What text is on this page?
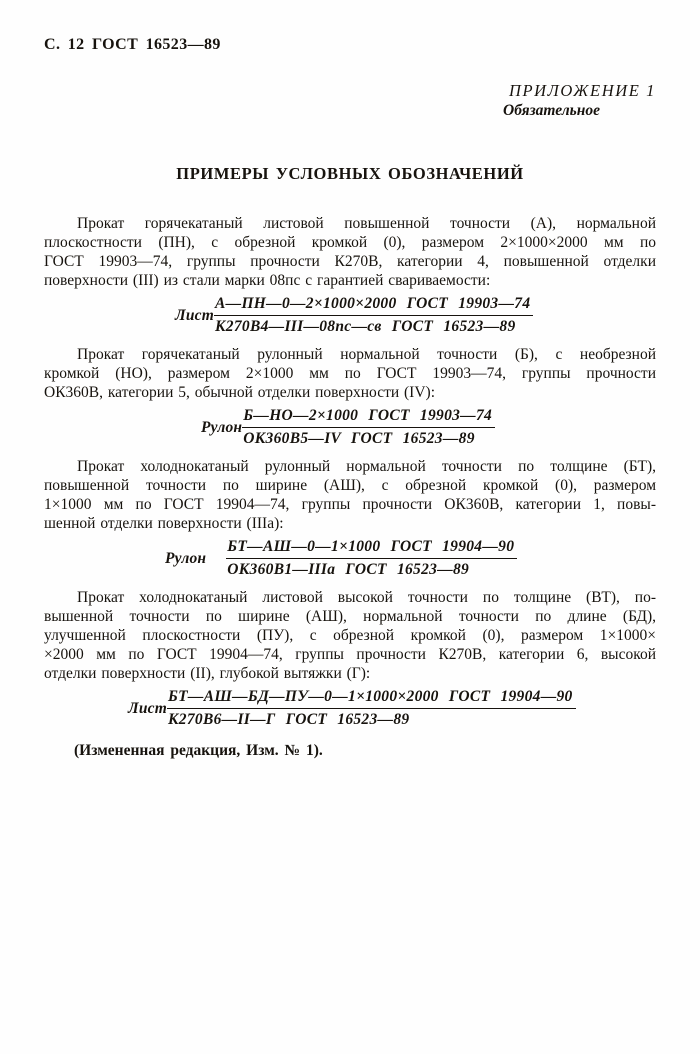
С. 12 ГОСТ 16523—89
ПРИЛОЖЕНИЕ 1
Обязательное
ПРИМЕРЫ УСЛОВНЫХ ОБОЗНАЧЕНИЙ

Прокат горячекатаный листовой повышенной точности (А), нормальной
плоскостности (ПН), с обрезной кромкой (0), размером 2×1000×2000 мм по
ГОСТ 19903—74, группы прочности К270В, категории 4, повышенной отделки
поверхности (III) из стали марки 08пс с гарантией свариваемости:

Лист $\frac{\text{А—ПН—0—2×1000×2000 ГОСТ 19903—74}}{\text{К270В4—III—08пс—св ГОСТ 16523—89}}$

Прокат горячекатаный рулонный нормальной точности (Б), с необрезной
кромкой (НО), размером 2×1000 мм по ГОСТ 19903—74, группы прочности
ОК360В, категории 5, обычной отделки поверхности (IV):

Рулон $\frac{\text{Б—НО—2×1000 ГОСТ 19903—74}}{\text{ОК360В5—IV ГОСТ 16523—89}}$

Прокат холоднокатаный рулонный нормальной точности по толщине (БТ),
повышенной точности по ширине (АШ), с обрезной кромкой (0), размером
1×1000 мм по ГОСТ 19904—74, группы прочности ОК360В, категории 1, повы-
шенной отделки поверхности (IIIа):

Рулон $\frac{\text{БТ—АШ—0—1×1000 ГОСТ 19904—90}}{\text{ОК360В1—IIIа ГОСТ 16523—89}}$

Прокат холоднокатаный листовой высокой точности по толщине (ВТ), по-
вышенной точности по ширине (АШ), нормальной точности по длине (БД),
улучшенной плоскостности (ПУ), с обрезной кромкой (0), размером 1×1000×
×2000 мм по ГОСТ 19904—74, группы прочности К270В, категории 6, высокой
отделки поверхности (II), глубокой вытяжки (Г):

Лист $\frac{\text{БТ—АШ—БД—ПУ—0—1×1000×2000 ГОСТ 19904—90}}{\text{К270В6—II—Г ГОСТ 16523—89}}$

(Измененная редакция, Изм. № 1).
